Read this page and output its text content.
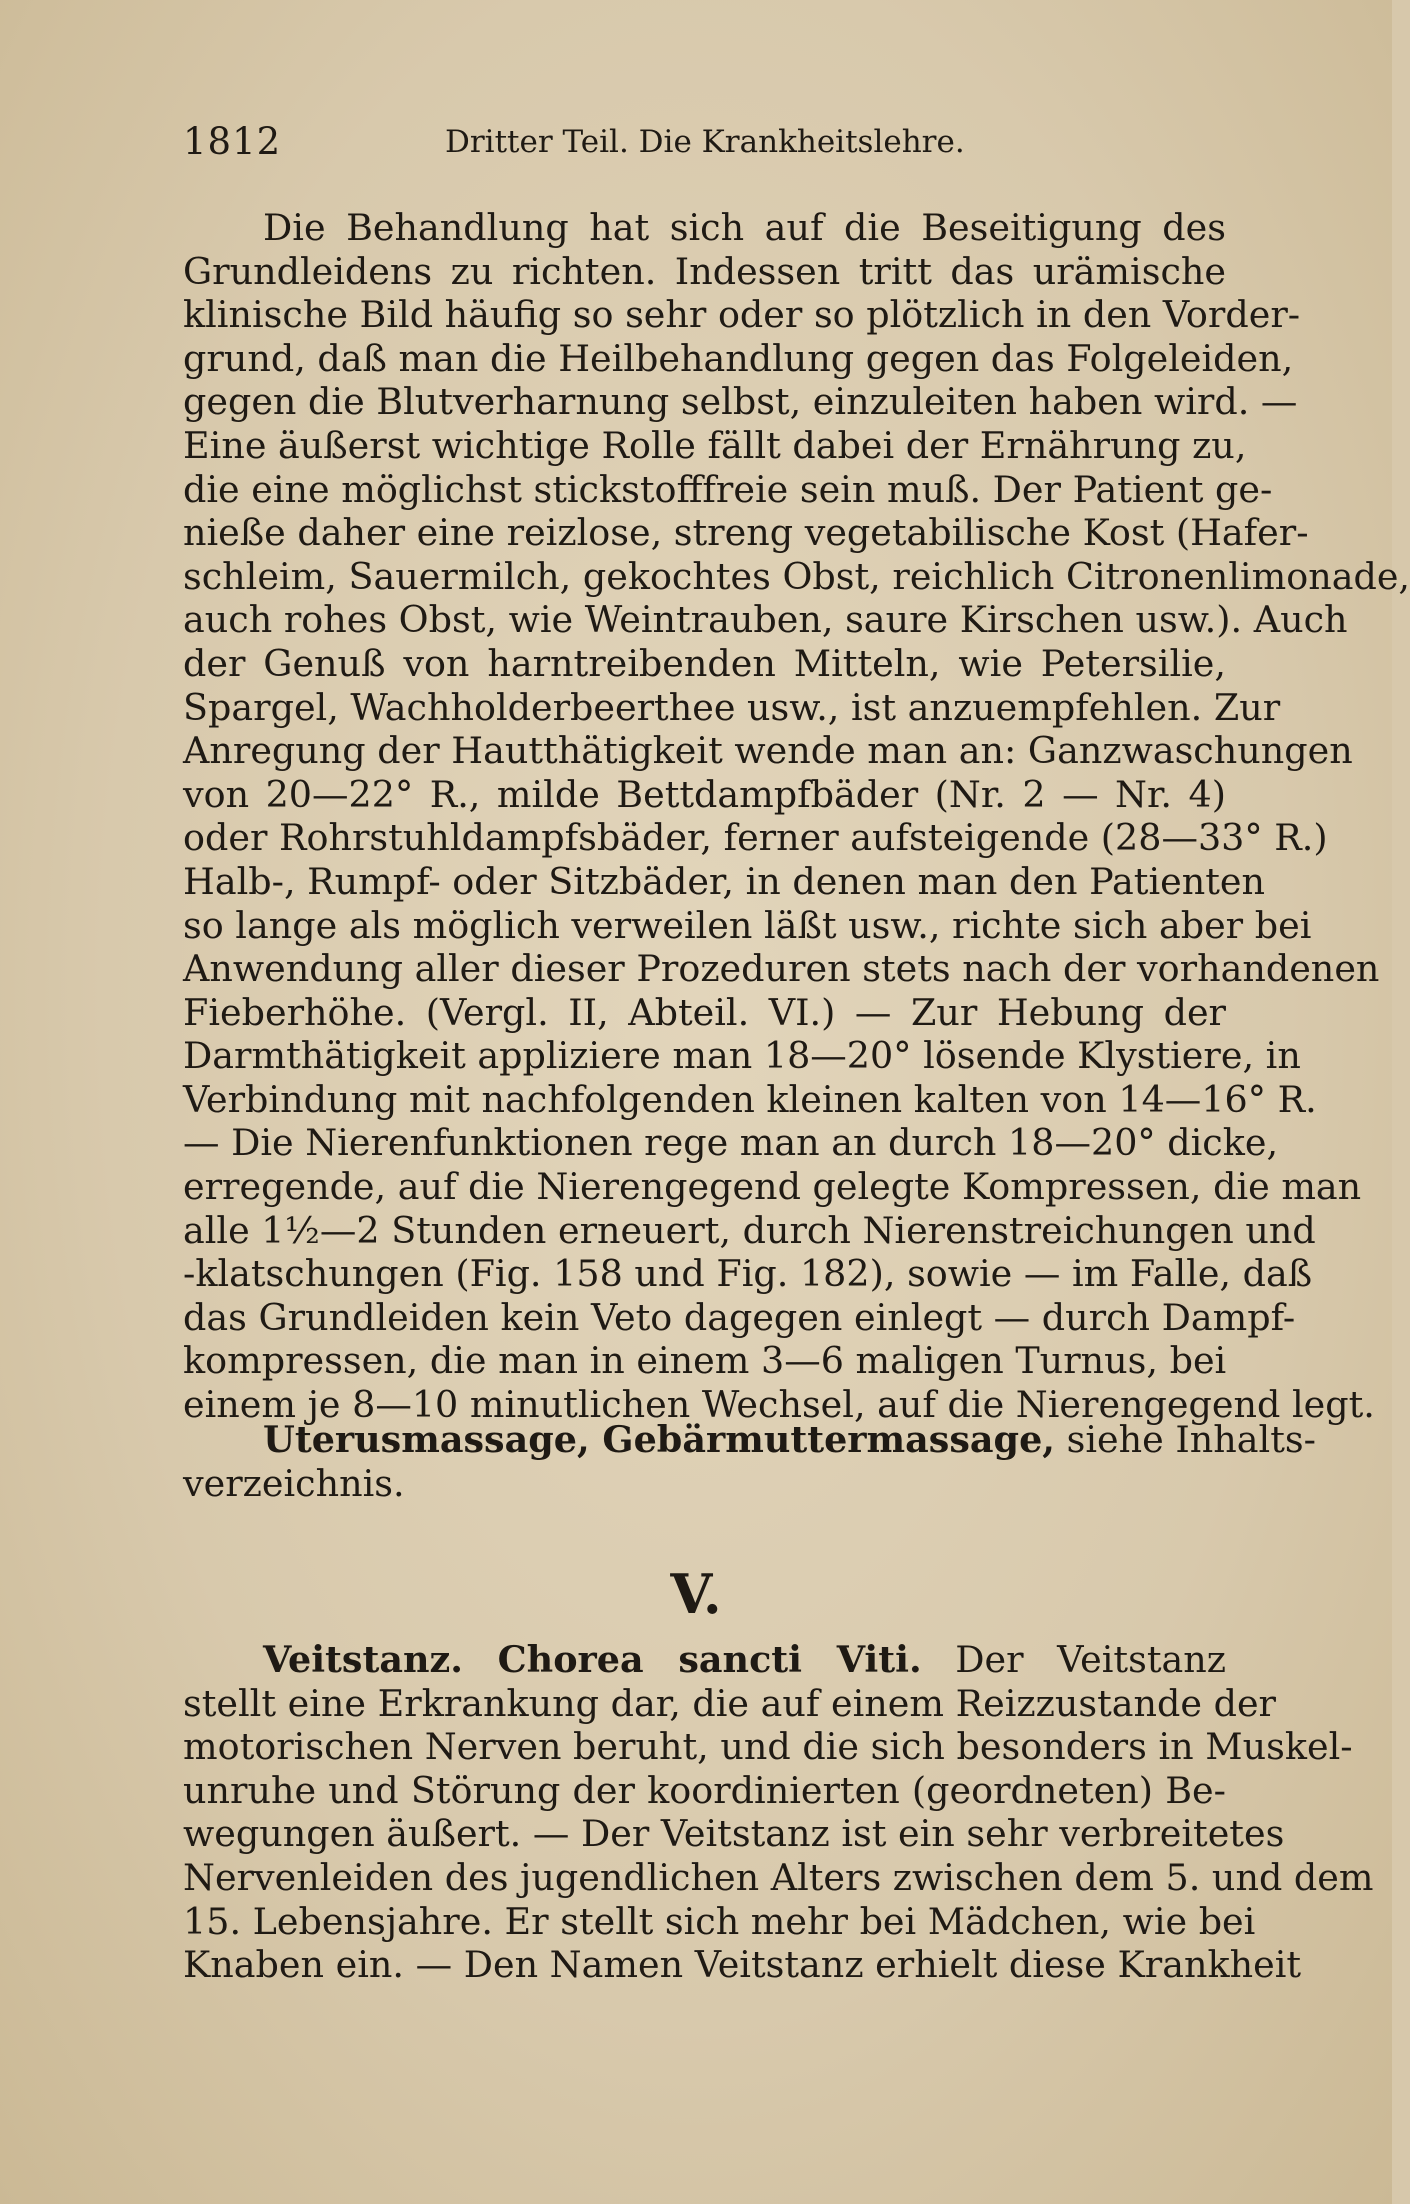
1812	Dritter Teil. Die Krankheitslehre.
Die Behandlung hat sich auf die Beseitigung des
Grundleidens zu richten. Indessen tritt das urämische
klinische Bild häufig so sehr oder so plötzlich in den Vorder-
grund, daß man die Heilbehandlung gegen das Folgeleiden,
gegen die Blutverharnung selbst, einzuleiten haben wird. —
Eine äußerst wichtige Rolle fällt dabei der Ernährung zu,
die eine möglichst stickstofffreie sein muß. Der Patient ge-
nieße daher eine reizlose, streng vegetabilische Kost (Hafer-
schleim, Sauermilch, gekochtes Obst, reichlich Citronenlimonade,
auch rohes Obst, wie Weintrauben, saure Kirschen usw.). Auch
der Genuß von harntreibenden Mitteln, wie Petersilie,
Spargel, Wachholderbeerthee usw., ist anzuempfehlen. Zur
Anregung der Hautthätigkeit wende man an: Ganzwaschungen
von 20—22° R., milde Bettdampfbäder (Nr. 2 — Nr. 4)
oder Rohrstuhldampfsbäder, ferner aufsteigende (28—33° R.)
Halb-, Rumpf- oder Sitzbäder, in denen man den Patienten
so lange als möglich verweilen läßt usw., richte sich aber bei
Anwendung aller dieser Prozeduren stets nach der vorhandenen
Fieberhöhe. (Vergl. II, Abteil. VI.) — Zur Hebung der
Darmthätigkeit appliziere man 18—20° lösende Klystiere, in
Verbindung mit nachfolgenden kleinen kalten von 14—16° R.
— Die Nierenfunktionen rege man an durch 18—20° dicke,
erregende, auf die Nierengegend gelegte Kompressen, die man
alle 1½—2 Stunden erneuert, durch Nierenstreichungen und
-klatschungen (Fig. 158 und Fig. 182), sowie — im Falle, daß
das Grundleiden kein Veto dagegen einlegt — durch Dampf-
kompressen, die man in einem 3—6 maligen Turnus, bei
einem je 8—10 minutlichen Wechsel, auf die Nierengegend legt.
Uterusmassage, Gebärmuttermassage, siehe Inhalts-
verzeichnis.
V.
Veitstanz. Chorea sancti Viti. Der Veitstanz
stellt eine Erkrankung dar, die auf einem Reizzustande der
motorischen Nerven beruht, und die sich besonders in Muskel-
unruhe und Störung der koordinierten (geordneten) Be-
wegungen äußert. — Der Veitstanz ist ein sehr verbreitetes
Nervenleiden des jugendlichen Alters zwischen dem 5. und dem
15. Lebensjahre. Er stellt sich mehr bei Mädchen, wie bei
Knaben ein. — Den Namen Veitstanz erhielt diese Krankheit
